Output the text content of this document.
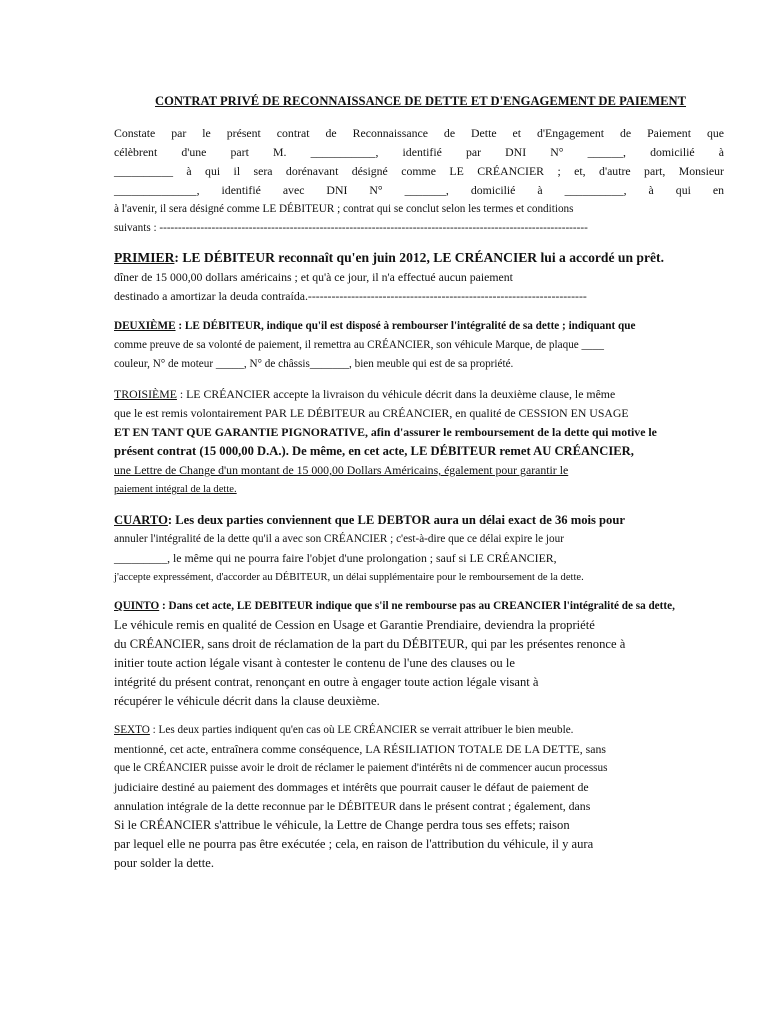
CONTRAT PRIVÉ DE RECONNAISSANCE DE DETTE ET D'ENGAGEMENT DE PAIEMENT
Constate par le présent contrat de Reconnaissance de Dette et d'Engagement de Paiement que
célèbrent d'une part M. ___________, identifié par DNI N° ______, domicilié à
__________ à qui il sera dorénavant désigné comme LE CRÉANCIER ; et, d'autre part, Monsieur
______________, identifié avec DNI N° _______, domicilié à __________, à qui en
à l'avenir, il sera désigné comme LE DÉBITEUR ; contrat qui se conclut selon les termes et conditions
suivants : -------------------------------------------------------------------------------------------------------------------
PRIMIER: LE DÉBITEUR reconnaît qu'en juin 2012, LE CRÉANCIER lui a accordé un prêt.
dîner de 15 000,00 dollars américains ; et qu'à ce jour, il n'a effectué aucun paiement
destinado a amortizar la deuda contraída.-----------------------------------------------------------------------
DEUXIÈME : LE DÉBITEUR, indique qu'il est disposé à rembourser l'intégralité de sa dette ; indiquant que
comme preuve de sa volonté de paiement, il remettra au CRÉANCIER, son véhicule Marque, de plaque ____
couleur, N° de moteur _____, N° de châssis_______, bien meuble qui est de sa propriété.
TROISIÈME : LE CRÉANCIER accepte la livraison du véhicule décrit dans la deuxième clause, le même
que le est remis volontairement PAR LE DÉBITEUR au CRÉANCIER, en qualité de CESSION EN USAGE
ET EN TANT QUE GARANTIE PIGNORATIVE, afin d'assurer le remboursement de la dette qui motive le
présent contrat (15 000,00 D.A.). De même, en cet acte, LE DÉBITEUR remet AU CRÉANCIER,
une Lettre de Change d'un montant de 15 000,00 Dollars Américains, également pour garantir le
paiement intégral de la dette.
CUARTO: Les deux parties conviennent que LE DEBTOR aura un délai exact de 36 mois pour
annuler l'intégralité de la dette qu'il a avec son CRÉANCIER ; c'est-à-dire que ce délai expire le jour
_________, le même qui ne pourra faire l'objet d'une prolongation ; sauf si LE CRÉANCIER,
j'accepte expressément, d'accorder au DÉBITEUR, un délai supplémentaire pour le remboursement de la dette.
QUINTO : Dans cet acte, LE DEBITEUR indique que s'il ne rembourse pas au CREANCIER l'intégralité de sa dette,
Le véhicule remis en qualité de Cession en Usage et Garantie Prendiaire, deviendra la propriété
du CRÉANCIER, sans droit de réclamation de la part du DÉBITEUR, qui par les présentes renonce à
initier toute action légale visant à contester le contenu de l'une des clauses ou le
intégrité du présent contrat, renonçant en outre à engager toute action légale visant à
récupérer le véhicule décrit dans la clause deuxième.
SEXTO : Les deux parties indiquent qu'en cas où LE CRÉANCIER se verrait attribuer le bien meuble.
mentionné, cet acte, entraînera comme conséquence, LA RÉSILIATION TOTALE DE LA DETTE, sans
que le CRÉANCIER puisse avoir le droit de réclamer le paiement d'intérêts ni de commencer aucun processus
judiciaire destiné au paiement des dommages et intérêts que pourrait causer le défaut de paiement de
annulation intégrale de la dette reconnue par le DÉBITEUR dans le présent contrat ; également, dans
Si le CRÉANCIER s'attribue le véhicule, la Lettre de Change perdra tous ses effets; raison
par lequel elle ne pourra pas être exécutée ; cela, en raison de l'attribution du véhicule, il y aura
pour solder la dette.
